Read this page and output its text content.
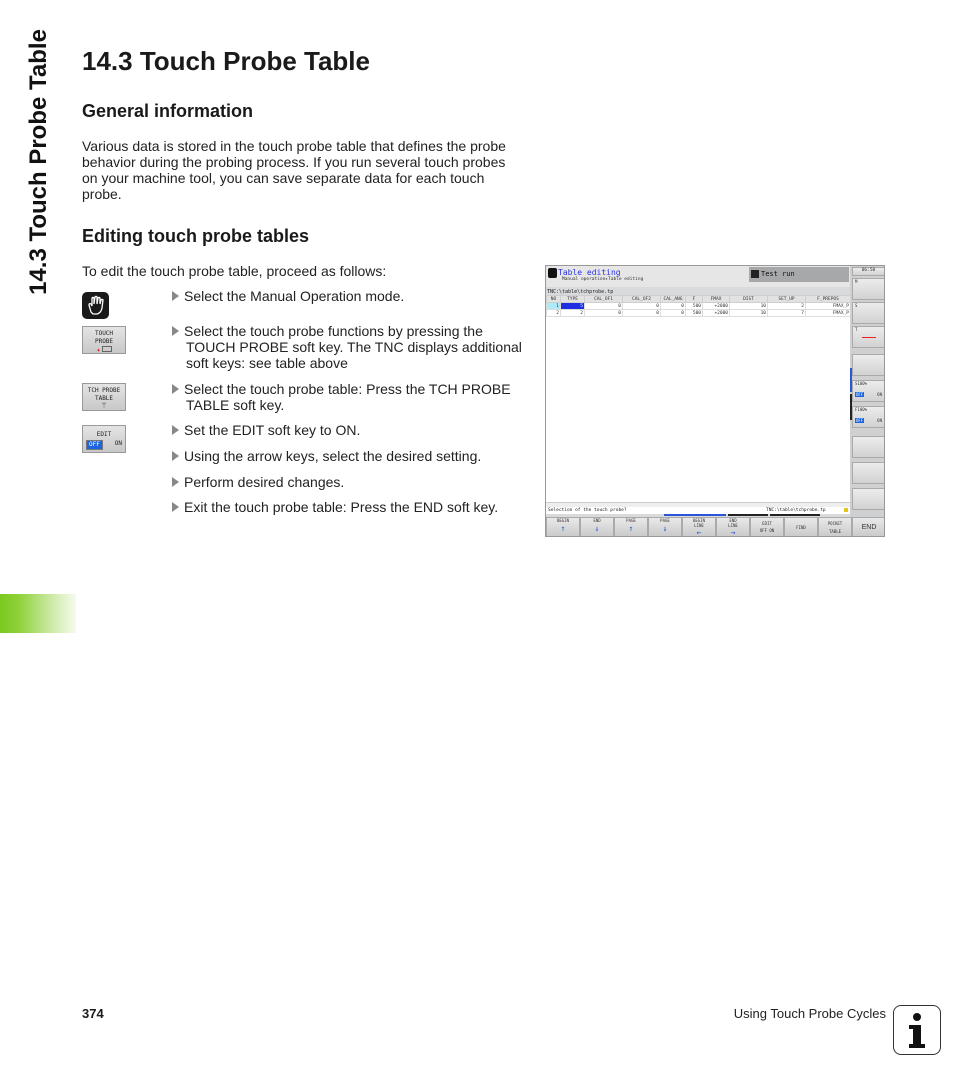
14.3 Touch Probe Table 14.3 Touch Probe Table
General information
Various data is stored in the touch probe table that defines the probe
behavior during the probing process. If you run several touch probes
on your machine tool, you can save separate data for each touch
probe.
Editing touch probe tables
To edit the touch probe table, proceed as follows:
TOUCH
PROBE
✦
TCH PROBE
TABLE
⍑
EDIT
OFF	ON
Select the Manual Operation mode.
Select the touch probe functions by pressing the
TOUCH PROBE soft key. The TNC displays additional
soft keys: see table above
Select the touch probe table: Press the TCH PROBE
TABLE soft key.
Set the EDIT soft key to ON.
Using the arrow keys, select the desired setting.
Perform desired changes.
Exit the touch probe table: Press the END soft key.
Table editing
Manual operation▸Table editing
Test run
TNC:\table\tchprobe.tp
NO	TYPE	CAL_OF1	CAL_OF2	CAL_ANG	F	FMAX	DIST	SET_UP	F_PREPOS
1	5	0	0	0	500	+2000	10	2	FMAX_P
2	2	0	0	0	500	+2000	10	7	FMAX_P
Selection of the touch probe?	TNC:\table\tchprobe.tp
BEGIN
↑
END
↓
PAGE
↑
PAGE
↓
BEGIN
LINE
←
END
LINE
→
EDIT
OFF ON
FIND
POCKET
TABLE
END
06:50
M
S
T
S100%
OFF	ON
F100%
OFF	ON
374	Using Touch Probe Cycles
